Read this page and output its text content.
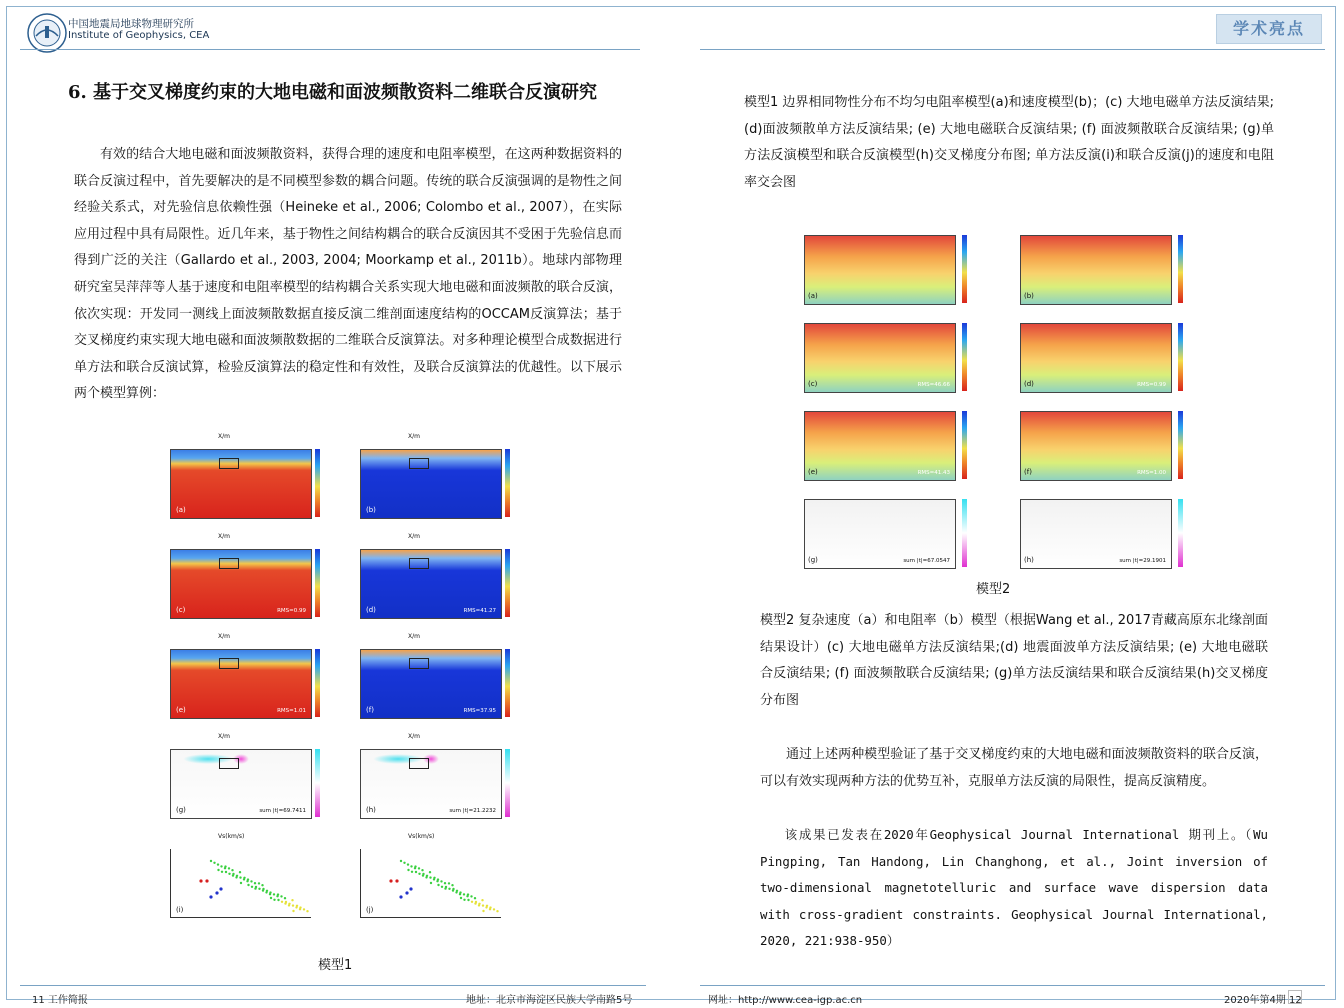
中国地震局地球物理研究所
Institute of Geophysics, CEA
6. 基于交叉梯度约束的大地电磁和面波频散资料二维联合反演研究

有效的结合大地电磁和面波频散资料，获得合理的速度和电阻率模型，在这两种数据资料的联合反演过程中，首先要解决的是不同模型参数的耦合问题。传统的联合反演强调的是物性之间经验关系式，对先验信息依赖性强（Heineke et al., 2006; Colombo et al., 2007），在实际应用过程中具有局限性。近几年来，基于物性之间结构耦合的联合反演因其不受困于先验信息而得到广泛的关注（Gallardo et al., 2003, 2004; Moorkamp et al., 2011b）。地球内部物理研究室吴萍萍等人基于速度和电阻率模型的结构耦合关系实现大地电磁和面波频散的联合反演，依次实现：开发同一测线上面波频散数据直接反演二维剖面速度结构的OCCAM反演算法；基于交叉梯度约束实现大地电磁和面波频散数据的二维联合反演算法。对多种理论模型合成数据进行单方法和联合反演试算，检验反演算法的稳定性和有效性，及联合反演算法的优越性。以下展示两个模型算例：

X/m
(a)
X/m
(b)
X/m
(c)	RMS=0.99
X/m
(d)	RMS=41.27
X/m
(e)	RMS=1.01
X/m
(f)	RMS=37.95
X/m
(g)	sum |t|=69.7411
X/m
(h)	sum |t|=21.2232
Vs(km/s)
(i)
Vs(km/s)
(j)
模型1
11 工作简报	地址：北京市海淀区民族大学南路5号
学术亮点

模型1 边界相同物性分布不均匀电阻率模型(a)和速度模型(b)；(c) 大地电磁单方法反演结果;(d)面波频散单方法反演结果; (e) 大地电磁联合反演结果; (f) 面波频散联合反演结果; (g)单方法反演模型和联合反演模型(h)交叉梯度分布图; 单方法反演(i)和联合反演(j)的速度和电阻率交会图

(a)	(b)
(c)	RMS=46.66	(d)	RMS=0.99
(e)	RMS=41.43	(f)	RMS=1.00
(g)	sum |t|=67.0547	(h)	sum |t|=29.1901
模型2

模型2 复杂速度（a）和电阻率（b）模型（根据Wang et al., 2017青藏高原东北缘剖面结果设计）(c) 大地电磁单方法反演结果;(d) 地震面波单方法反演结果; (e) 大地电磁联合反演结果; (f) 面波频散联合反演结果; (g)单方法反演结果和联合反演结果(h)交叉梯度分布图

通过上述两种模型验证了基于交叉梯度约束的大地电磁和面波频散资料的联合反演，可以有效实现两种方法的优势互补，克服单方法反演的局限性，提高反演精度。

该成果已发表在2020年Geophysical Journal International 期刊上。（Wu Pingping, Tan Handong, Lin Changhong, et al., Joint inversion of two-dimensional magnetotelluric and surface wave dispersion data with cross-gradient constraints. Geophysical Journal International, 2020, 221:938-950）

网址：http://www.cea-igp.ac.cn	2020年第4期 12
